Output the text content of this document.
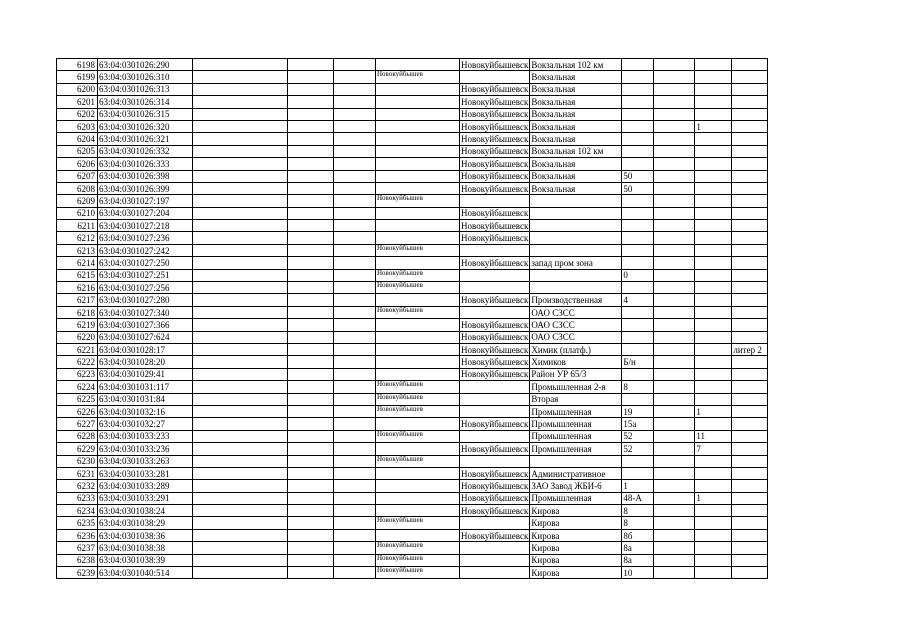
6198	63:04:0301026:290					Новокуйбышевск	Вокзальная 102 км				
6199	63:04:0301026:310				Новокуйбышев		Вокзальная				
6200	63:04:0301026:313					Новокуйбышевск	Вокзальная				
6201	63:04:0301026:314					Новокуйбышевск	Вокзальная				
6202	63:04:0301026:315					Новокуйбышевск	Вокзальная				
6203	63:04:0301026:320					Новокуйбышевск	Вокзальная			1	
6204	63:04:0301026:321					Новокуйбышевск	Вокзальная				
6205	63:04:0301026:332					Новокуйбышевск	Вокзальная 102 км				
6206	63:04:0301026:333					Новокуйбышевск	Вокзальная				
6207	63:04:0301026:398					Новокуйбышевск	Вокзальная	50			
6208	63:04:0301026:399					Новокуйбышевск	Вокзальная	50			
6209	63:04:0301027:197				Новокуйбышев						
6210	63:04:0301027:204					Новокуйбышевск					
6211	63:04:0301027:218					Новокуйбышевск					
6212	63:04:0301027:236					Новокуйбышевск					
6213	63:04:0301027:242				Новокуйбышев						
6214	63:04:0301027:250					Новокуйбышевск	запад пром зона				
6215	63:04:0301027:251				Новокуйбышев			0			
6216	63:04:0301027:256				Новокуйбышев						
6217	63:04:0301027:280					Новокуйбышевск	Производственная	4			
6218	63:04:0301027:340				Новокуйбышев		ОАО СЗСС				
6219	63:04:0301027:366					Новокуйбышевск	ОАО СЗСС				
6220	63:04:0301027:624					Новокуйбышевск	ОАО СЗСС				
6221	63:04:0301028:17					Новокуйбышевск	Химик (платф.)				литер 2
6222	63:04:0301028:20					Новокуйбышевск	Химиков	Б/н			
6223	63:04:0301029:41					Новокуйбышевск	Район УР 65/3				
6224	63:04:0301031:117				Новокуйбышев		Промышленная 2-я	8			
6225	63:04:0301031:84				Новокуйбышев		Вторая				
6226	63:04:0301032:16				Новокуйбышев		Промышленная	19		1	
6227	63:04:0301032:27					Новокуйбышевск	Промышленная	15а			
6228	63:04:0301033:233				Новокуйбышев		Промышленная	52		11	
6229	63:04:0301033:236					Новокуйбышевск	Промышленная	52		7	
6230	63:04:0301033:263				Новокуйбышев						
6231	63:04:0301033:281					Новокуйбышевск	Административное				
6232	63:04:0301033:289					Новокуйбышевск	ЗАО Завод ЖБИ-6	1			
6233	63:04:0301033:291					Новокуйбышевск	Промышленная	48-А		1	
6234	63:04:0301038:24					Новокуйбышевск	Кирова	8			
6235	63:04:0301038:29				Новокуйбышев		Кирова	8			
6236	63:04:0301038:36					Новокуйбышевск	Кирова	8б			
6237	63:04:0301038:38				Новокуйбышев		Кирова	8а			
6238	63:04:0301038:39				Новокуйбышев		Кирова	8а			
6239	63:04:0301040:514				Новокуйбышев		Кирова	10			
